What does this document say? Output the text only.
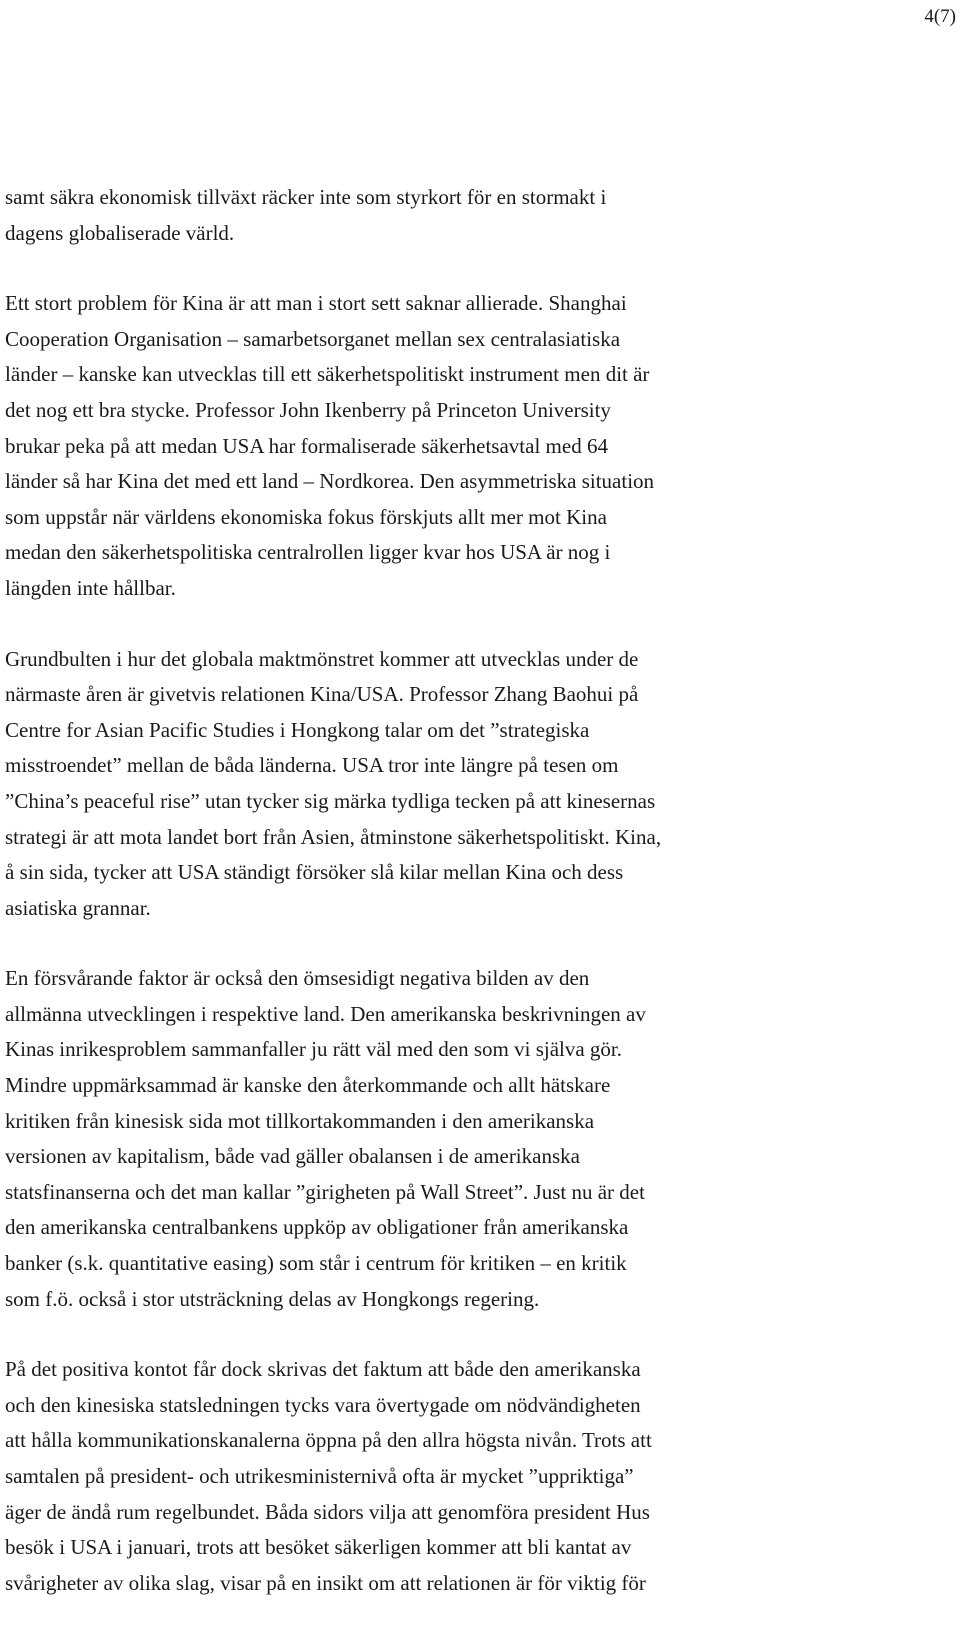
4(7)

samt säkra ekonomisk tillväxt räcker inte som styrkort för en stormakt i
dagens globaliserade värld.

Ett stort problem för Kina är att man i stort sett saknar allierade. Shanghai
Cooperation Organisation – samarbetsorganet mellan sex centralasiatiska
länder – kanske kan utvecklas till ett säkerhetspolitiskt instrument men dit är
det nog ett bra stycke. Professor John Ikenberry på Princeton University
brukar peka på att medan USA har formaliserade säkerhetsavtal med 64
länder så har Kina det med ett land – Nordkorea. Den asymmetriska situation
som uppstår när världens ekonomiska fokus förskjuts allt mer mot Kina
medan den säkerhetspolitiska centralrollen ligger kvar hos USA är nog i
längden inte hållbar.

Grundbulten i hur det globala maktmönstret kommer att utvecklas under de
närmaste åren är givetvis relationen Kina/USA. Professor Zhang Baohui på
Centre for Asian Pacific Studies i Hongkong talar om det ”strategiska
misstroendet” mellan de båda länderna. USA tror inte längre på tesen om
”China’s peaceful rise” utan tycker sig märka tydliga tecken på att kinesernas
strategi är att mota landet bort från Asien, åtminstone säkerhetspolitiskt. Kina,
å sin sida, tycker att USA ständigt försöker slå kilar mellan Kina och dess
asiatiska grannar.

En försvårande faktor är också den ömsesidigt negativa bilden av den
allmänna utvecklingen i respektive land. Den amerikanska beskrivningen av
Kinas inrikesproblem sammanfaller ju rätt väl med den som vi själva gör.
Mindre uppmärksammad är kanske den återkommande och allt hätskare
kritiken från kinesisk sida mot tillkortakommanden i den amerikanska
versionen av kapitalism, både vad gäller obalansen i de amerikanska
statsfinanserna och det man kallar ”girigheten på Wall Street”. Just nu är det
den amerikanska centralbankens uppköp av obligationer från amerikanska
banker (s.k. quantitative easing) som står i centrum för kritiken – en kritik
som f.ö. också i stor utsträckning delas av Hongkongs regering.

På det positiva kontot får dock skrivas det faktum att både den amerikanska
och den kinesiska statsledningen tycks vara övertygade om nödvändigheten
att hålla kommunikationskanalerna öppna på den allra högsta nivån. Trots att
samtalen på president- och utrikesministernivå ofta är mycket ”uppriktiga”
äger de ändå rum regelbundet. Båda sidors vilja att genomföra president Hus
besök i USA i januari, trots att besöket säkerligen kommer att bli kantat av
svårigheter av olika slag, visar på en insikt om att relationen är för viktig för
